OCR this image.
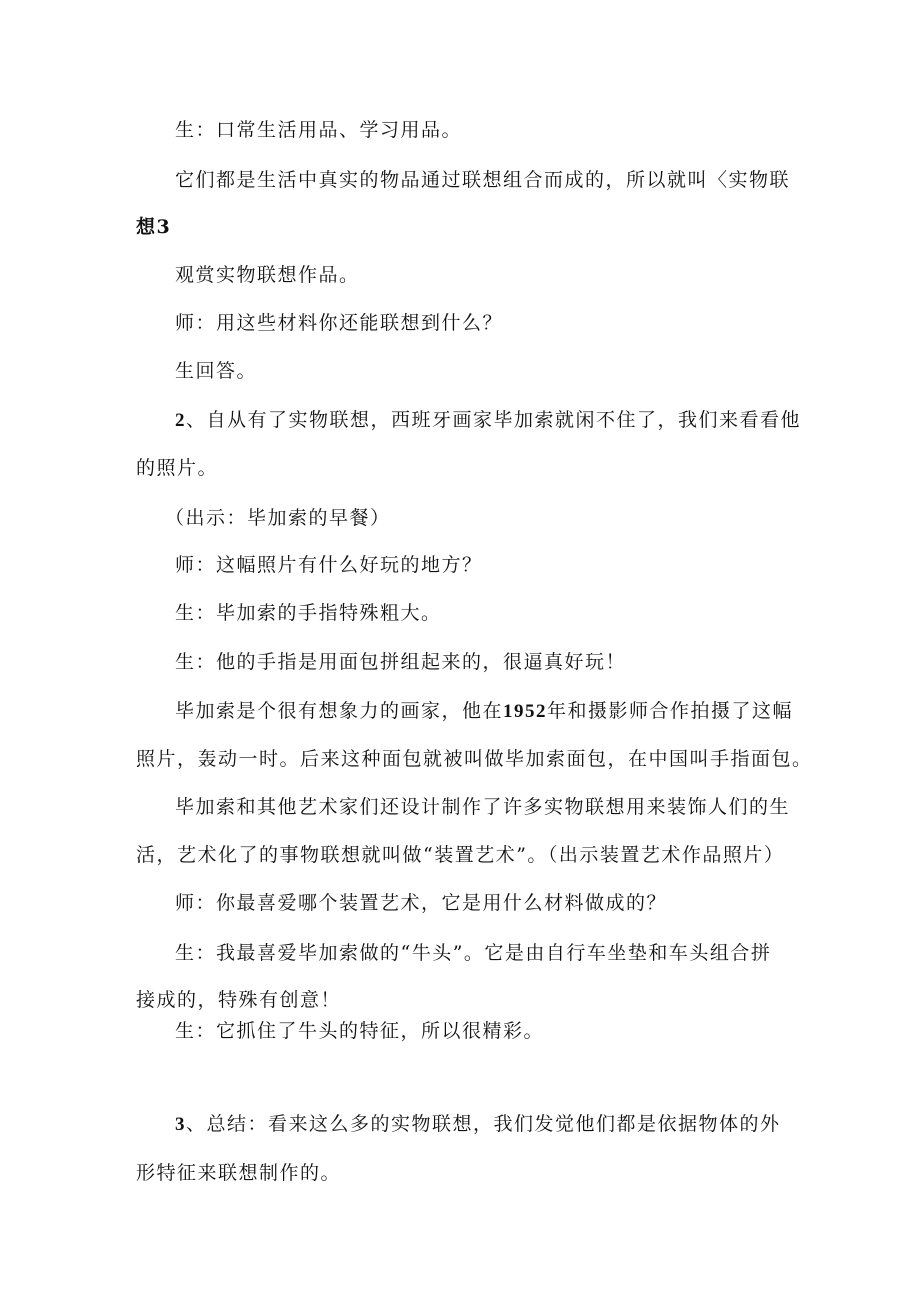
生：口常生活用品、学习用品。
它们都是生活中真实的物品通过联想组合而成的，所以就叫〈实物联
想3
观赏实物联想作品。
师：用这些材料你还能联想到什么？
生回答。
2、自从有了实物联想，西班牙画家毕加索就闲不住了，我们来看看他
的照片。
（出示：毕加索的早餐）
师：这幅照片有什么好玩的地方？
生：毕加索的手指特殊粗大。
生：他的手指是用面包拼组起来的，很逼真好玩！
毕加索是个很有想象力的画家，他在1952年和摄影师合作拍摄了这幅
照片，轰动一时。后来这种面包就被叫做毕加索面包，在中国叫手指面包。
毕加索和其他艺术家们还设计制作了许多实物联想用来装饰人们的生
活，艺术化了的事物联想就叫做“装置艺术”。（出示装置艺术作品照片）
师：你最喜爱哪个装置艺术，它是用什么材料做成的？
生：我最喜爱毕加索做的“牛头”。它是由自行车坐垫和车头组合拼
接成的，特殊有创意！
生：它抓住了牛头的特征，所以很精彩。
3、总结：看来这么多的实物联想，我们发觉他们都是依据物体的外
形特征来联想制作的。
